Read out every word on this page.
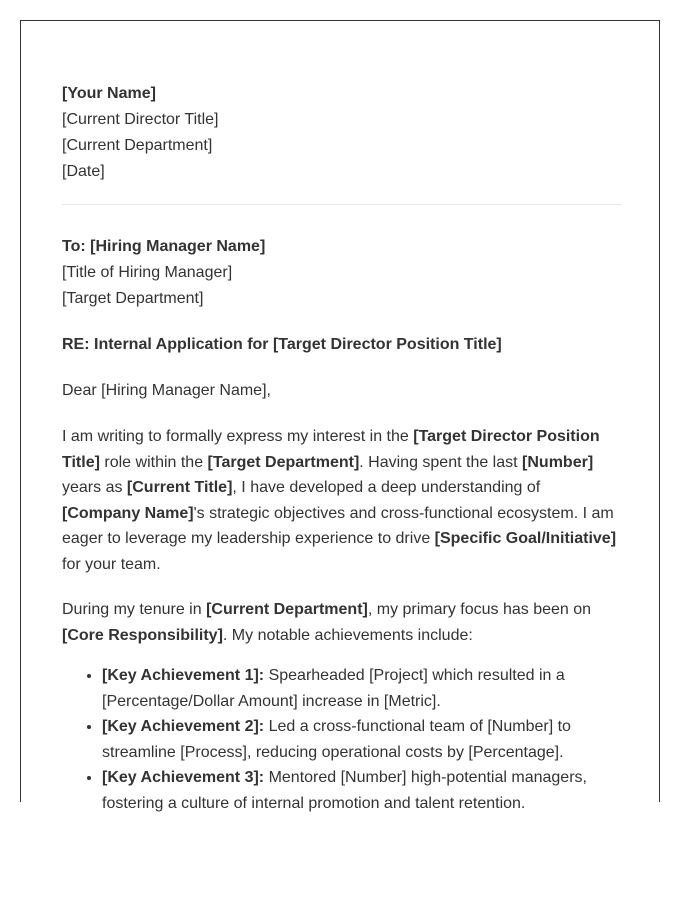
[Your Name]
[Current Director Title]
[Current Department]
[Date]
To: [Hiring Manager Name]
[Title of Hiring Manager]
[Target Department]

RE: Internal Application for [Target Director Position Title]

Dear [Hiring Manager Name],

I am writing to formally express my interest in the [Target Director Position Title] role within the [Target Department]. Having spent the last [Number] years as [Current Title], I have developed a deep understanding of [Company Name]'s strategic objectives and cross-functional ecosystem. I am eager to leverage my leadership experience to drive [Specific Goal/Initiative] for your team.

During my tenure in [Current Department], my primary focus has been on [Core Responsibility]. My notable achievements include:

• [Key Achievement 1]: Spearheaded [Project] which resulted in a [Percentage/Dollar Amount] increase in [Metric].
• [Key Achievement 2]: Led a cross-functional team of [Number] to streamline [Process], reducing operational costs by [Percentage].
• [Key Achievement 3]: Mentored [Number] high-potential managers, fostering a culture of internal promotion and talent retention.
